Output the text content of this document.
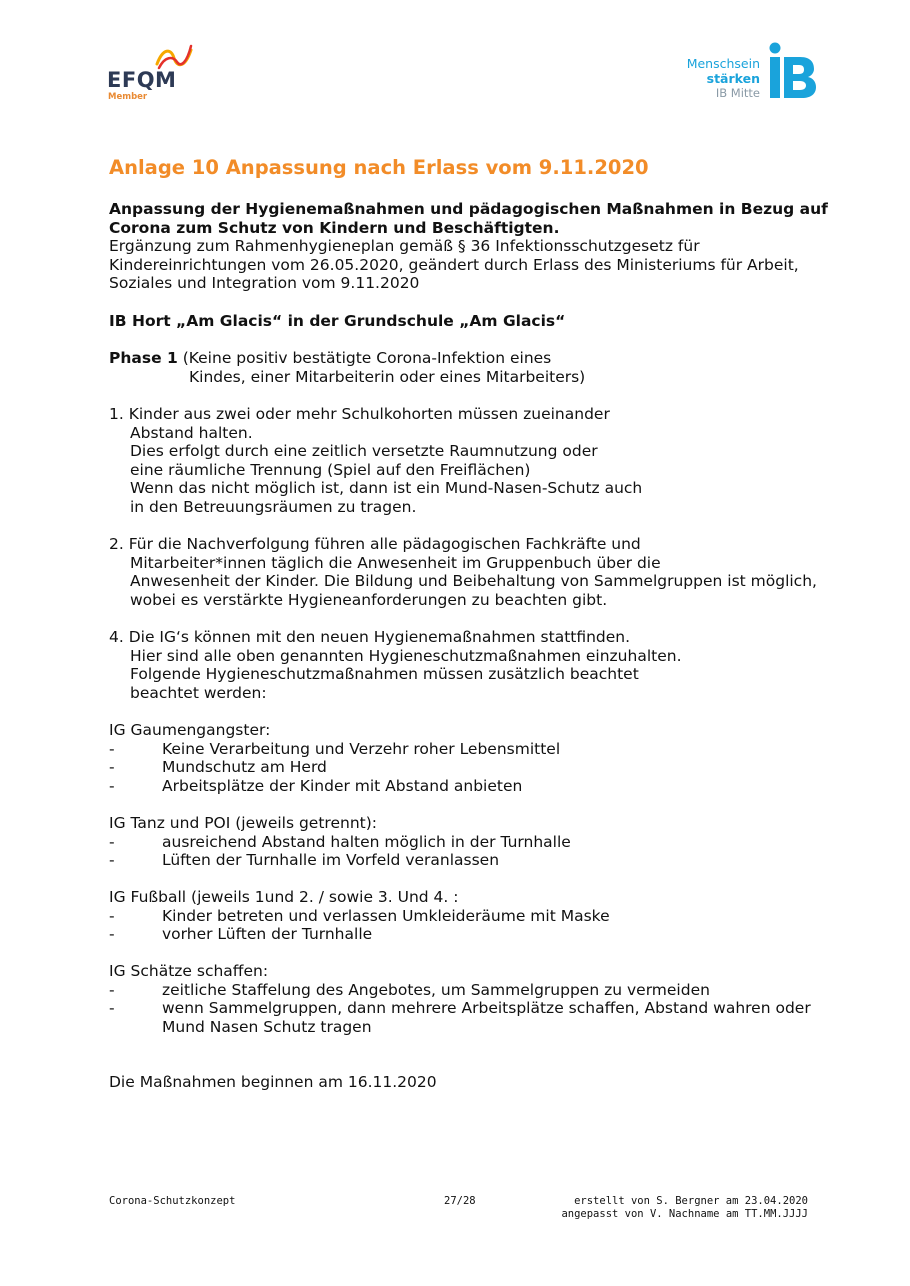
EFQM
Member
Menschsein
stärken
IB Mitte
Anlage 10 Anpassung nach Erlass vom 9.11.2020
Anpassung der Hygienemaßnahmen und pädagogischen Maßnahmen in Bezug auf
Corona zum Schutz von Kindern und Beschäftigten.
Ergänzung zum Rahmenhygieneplan gemäß § 36 Infektionsschutzgesetz für
Kindereinrichtungen vom 26.05.2020, geändert durch Erlass des Ministeriums für Arbeit,
Soziales und Integration vom 9.11.2020
IB Hort „Am Glacis“ in der Grundschule „Am Glacis“
Phase 1 (Keine positiv bestätigte Corona-Infektion eines
Kindes, einer Mitarbeiterin oder eines Mitarbeiters)
1. Kinder aus zwei oder mehr Schulkohorten müssen zueinander
Abstand halten.
Dies erfolgt durch eine zeitlich versetzte Raumnutzung oder
eine räumliche Trennung (Spiel auf den Freiflächen)
Wenn das nicht möglich ist, dann ist ein Mund-Nasen-Schutz auch
in den Betreuungsräumen zu tragen.
2. Für die Nachverfolgung führen alle pädagogischen Fachkräfte und
Mitarbeiter*innen täglich die Anwesenheit im Gruppenbuch über die
Anwesenheit der Kinder. Die Bildung und Beibehaltung von Sammelgruppen ist möglich,
wobei es verstärkte Hygieneanforderungen zu beachten gibt.
4. Die IG‘s können mit den neuen Hygienemaßnahmen stattfinden.
Hier sind alle oben genannten Hygieneschutzmaßnahmen einzuhalten.
Folgende Hygieneschutzmaßnahmen müssen zusätzlich beachtet
beachtet werden:
IG Gaumengangster:
-	Keine Verarbeitung und Verzehr roher Lebensmittel
-	Mundschutz am Herd
-	Arbeitsplätze der Kinder mit Abstand anbieten
IG Tanz und POI (jeweils getrennt):
-	ausreichend Abstand halten möglich in der Turnhalle
-	Lüften der Turnhalle im Vorfeld veranlassen
IG Fußball (jeweils 1und 2. / sowie 3. Und 4. :
-	Kinder betreten und verlassen Umkleideräume mit Maske
-	vorher Lüften der Turnhalle
IG Schätze schaffen:
-	zeitliche Staffelung des Angebotes, um Sammelgruppen zu vermeiden
-	wenn Sammelgruppen, dann mehrere Arbeitsplätze schaffen, Abstand wahren oder
Mund Nasen Schutz tragen
Die Maßnahmen beginnen am 16.11.2020
Corona-Schutzkonzept	27/28	erstellt von S. Bergner am 23.04.2020
angepasst von V. Nachname am TT.MM.JJJJ
